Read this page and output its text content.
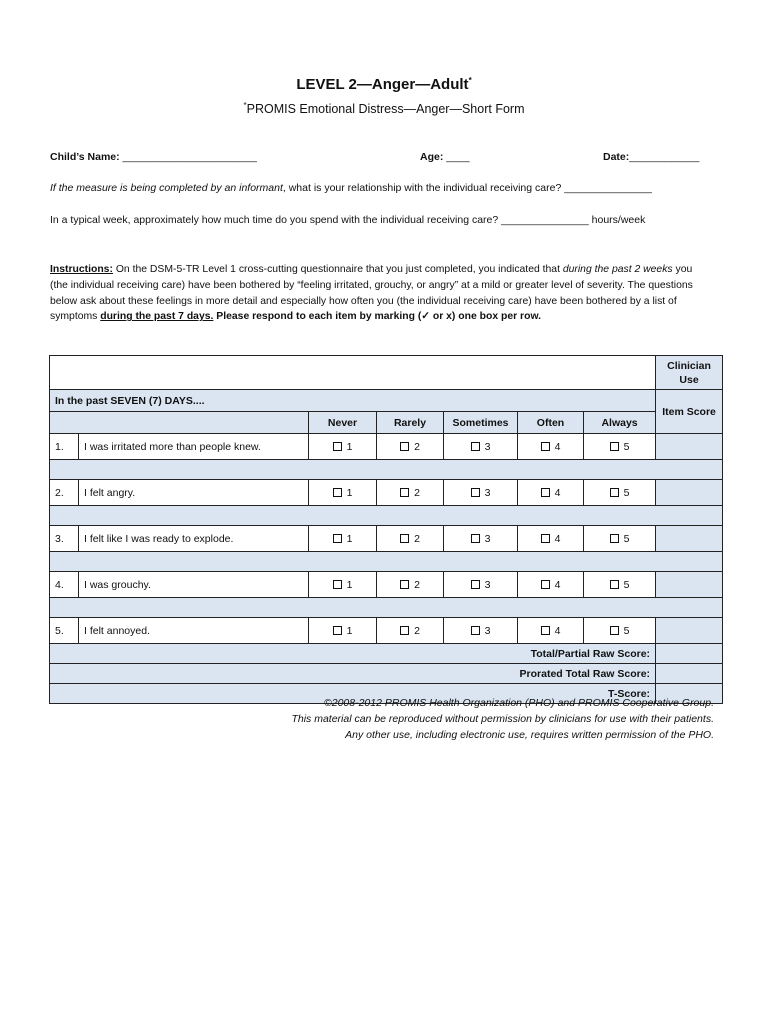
LEVEL 2—Anger—Adult*
*PROMIS Emotional Distress—Anger—Short Form
Child’s Name: _______________________	Age: ____	Date:____________
If the measure is being completed by an informant, what is your relationship with the individual receiving care? _______________
In a typical week, approximately how much time do you spend with the individual receiving care? _______________ hours/week
Instructions: On the DSM-5-TR Level 1 cross-cutting questionnaire that you just completed, you indicated that during the past 2 weeks you (the individual receiving care) have been bothered by “feeling irritated, grouchy, or angry” at a mild or greater level of severity. The questions below ask about these feelings in more detail and especially how often you (the individual receiving care) have been bothered by a list of symptoms during the past 7 days. Please respond to each item by marking (✓ or x) one box per row.
							Clinician Use
In the past SEVEN (7) DAYS....							Item Score
		Never	Rarely	Sometimes	Often	Always	
1.	I was irritated more than people knew.	1	2	3	4	5	

2.	I felt angry.	1	2	3	4	5	

3.	I felt like I was ready to explode.	1	2	3	4	5	

4.	I was grouchy.	1	2	3	4	5	

5.	I felt annoyed.	1	2	3	4	5	
Total/Partial Raw Score:							
Prorated Total Raw Score:							
T-Score:							
©2008-2012 PROMIS Health Organization (PHO) and PROMIS Cooperative Group.
This material can be reproduced without permission by clinicians for use with their patients.
Any other use, including electronic use, requires written permission of the PHO.
